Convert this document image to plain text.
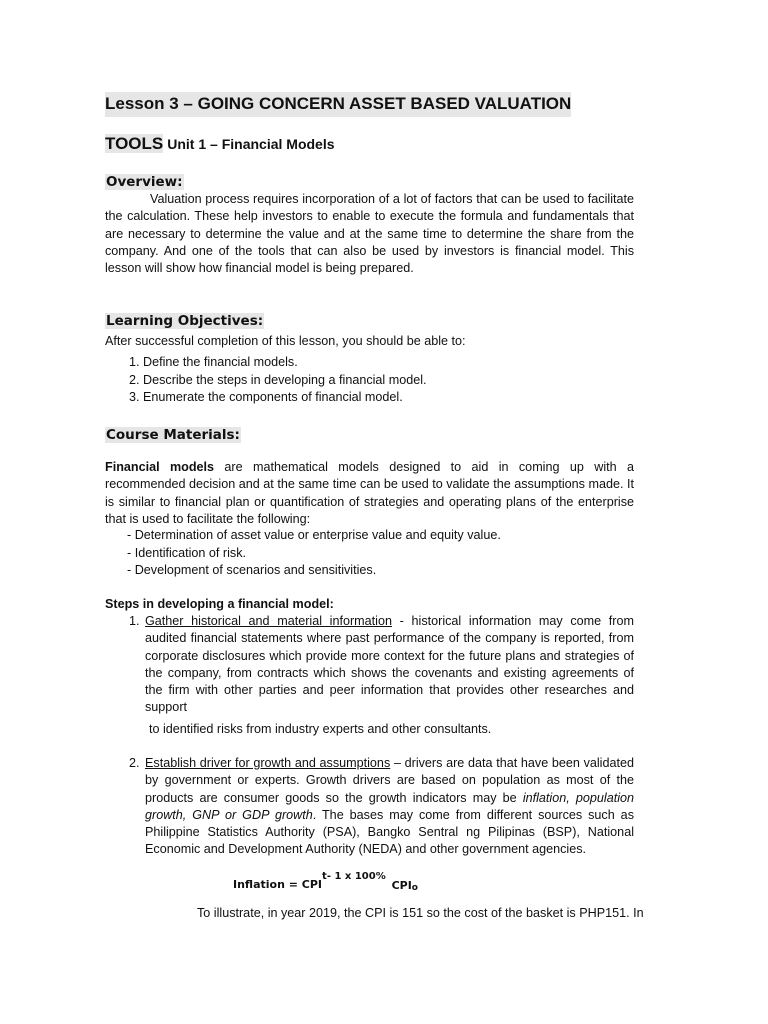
Lesson 3 – GOING CONCERN ASSET BASED VALUATION
TOOLS Unit 1 – Financial Models
Overview:
Valuation process requires incorporation of a lot of factors that can be used to facilitate the calculation. These help investors to enable to execute the formula and fundamentals that are necessary to determine the value and at the same time to determine the share from the company. And one of the tools that can also be used by investors is financial model. This lesson will show how financial model is being prepared.
Learning Objectives:
After successful completion of this lesson, you should be able to:
1. Define the financial models.
2. Describe the steps in developing a financial model.
3. Enumerate the components of financial model.
Course Materials:
Financial models are mathematical models designed to aid in coming up with a recommended decision and at the same time can be used to validate the assumptions made. It is similar to financial plan or quantification of strategies and operating plans of the enterprise that is used to facilitate the following:
- Determination of asset value or enterprise value and equity value.
- Identification of risk.
- Development of scenarios and sensitivities.
Steps in developing a financial model:
1. Gather historical and material information - historical information may come from audited financial statements where past performance of the company is reported, from corporate disclosures which provide more context for the future plans and strategies of the company, from contracts which shows the covenants and existing agreements of the firm with other parties and peer information that provides other researches and support
to identified risks from industry experts and other consultants.
2. Establish driver for growth and assumptions – drivers are data that have been validated by government or experts. Growth drivers are based on population as most of the products are consumer goods so the growth indicators may be inflation, population growth, GNP or GDP growth. The bases may come from different sources such as Philippine Statistics Authority (PSA), Bangko Sentral ng Pilipinas (BSP), National Economic and Development Authority (NEDA) and other government agencies.
Inflation = CPIt- 1 x 100% CPIo
To illustrate, in year 2019, the CPI is 151 so the cost of the basket is PHP151. In
